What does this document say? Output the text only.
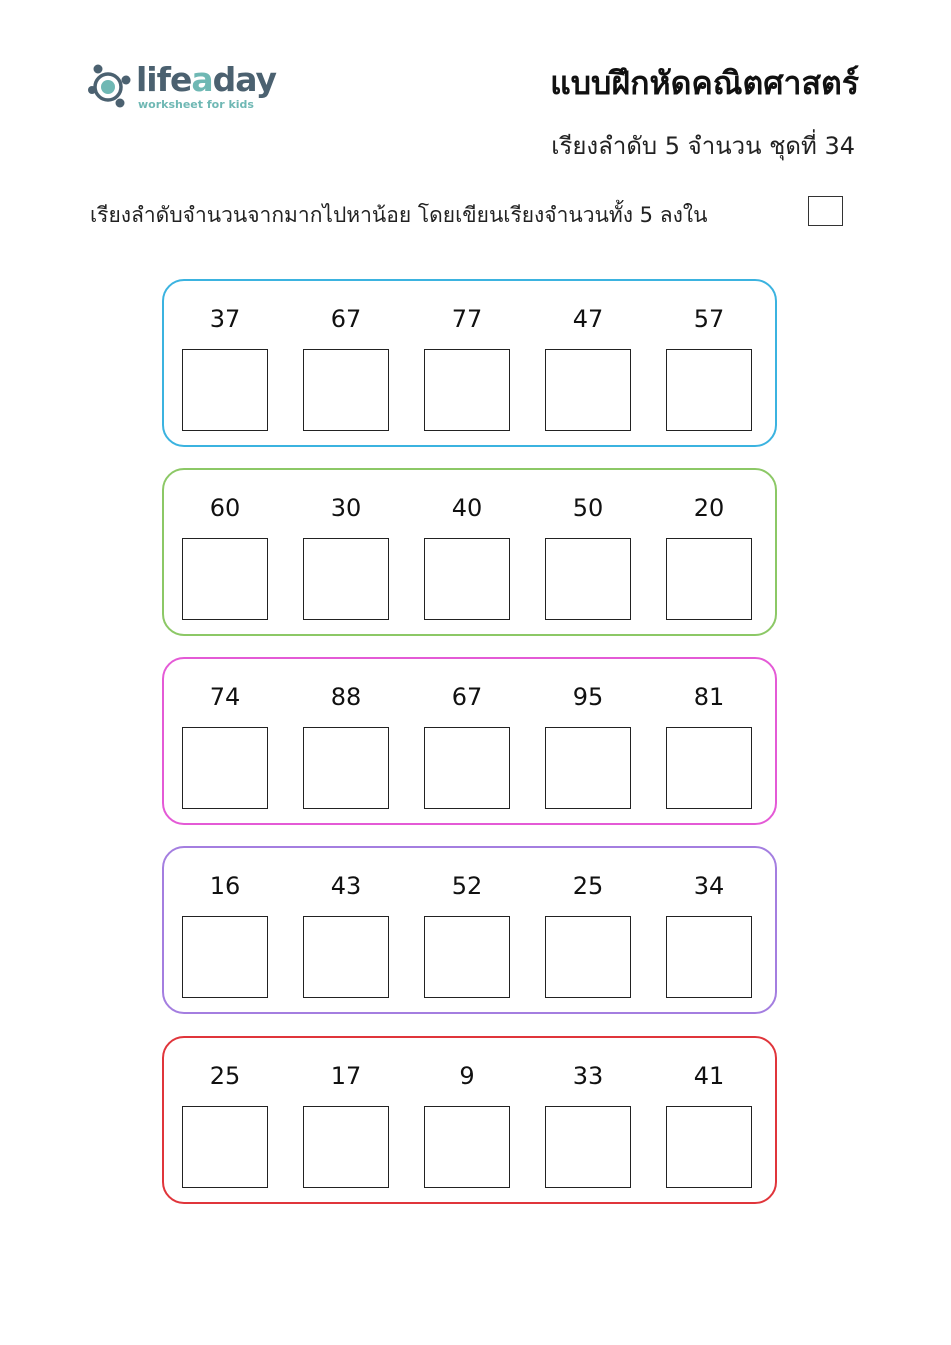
lifeaday
worksheet for kids
แบบฝึกหัดคณิตศาสตร์
เรียงลำดับ 5 จำนวน ชุดที่ 34
เรียงลำดับจำนวนจากมากไปหาน้อย โดยเขียนเรียงจำนวนทั้ง 5 ลงใน
37	67	77	47	57
60	30	40	50	20
74	88	67	95	81
16	43	52	25	34
25	17	9	33	41
